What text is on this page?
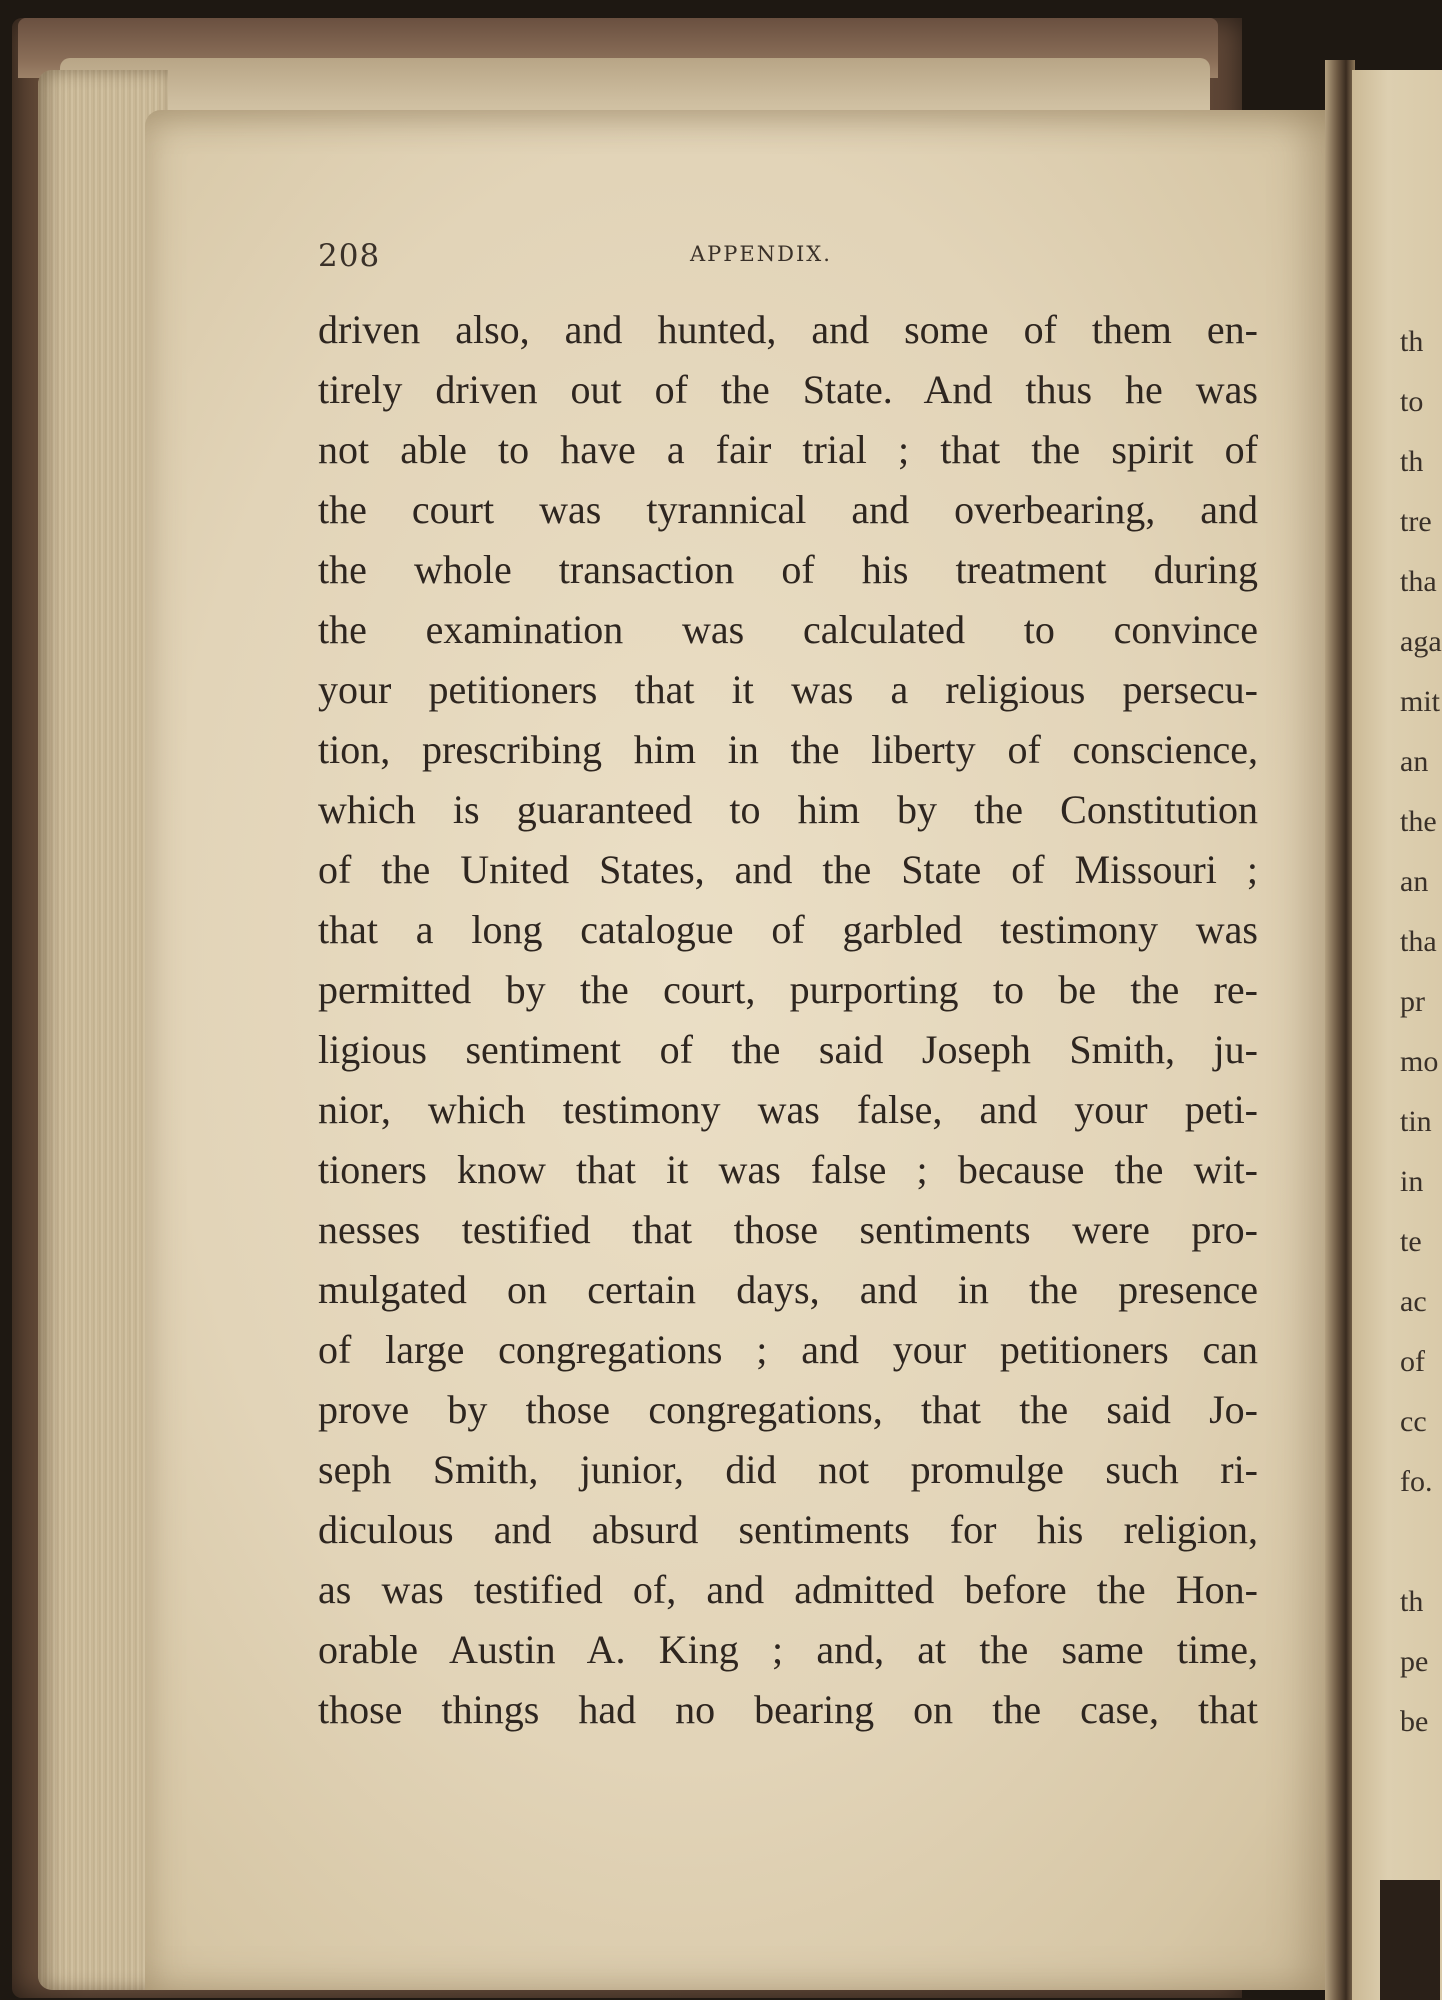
208	APPENDIX.
driven also, and hunted, and some of them en-
tirely driven out of the State. And thus he was
not able to have a fair trial ; that the spirit of
the court was tyrannical and overbearing, and
the whole transaction of his treatment during
the examination was calculated to convince
your petitioners that it was a religious persecu-
tion, prescribing him in the liberty of conscience,
which is guaranteed to him by the Constitution
of the United States, and the State of Missouri ;
that a long catalogue of garbled testimony was
permitted by the court, purporting to be the re-
ligious sentiment of the said Joseph Smith, ju-
nior, which testimony was false, and your peti-
tioners know that it was false ; because the wit-
nesses testified that those sentiments were pro-
mulgated on certain days, and in the presence
of large congregations ; and your petitioners can
prove by those congregations, that the said Jo-
seph Smith, junior, did not promulge such ri-
diculous and absurd sentiments for his religion,
as was testified of, and admitted before the Hon-
orable Austin A. King ; and, at the same time,
those things had no bearing on the case, that
th
to
th
tre
tha
aga
mit
an
the
an
tha
pr
mo
tin
in
te
ac
of
cc
fo.
th
pe
be
